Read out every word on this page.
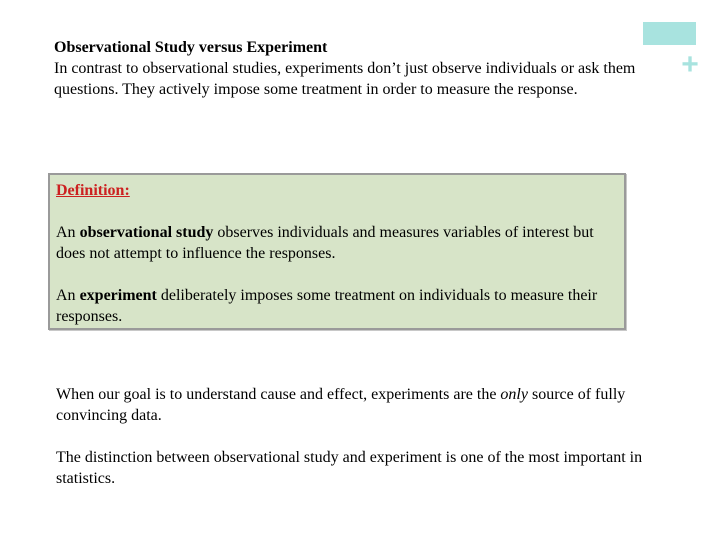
+
Observational Study versus Experiment
In contrast to observational studies, experiments don’t just observe individuals or ask them questions. They actively impose some treatment in order to measure the response.
Definition:
An observational study observes individuals and measures variables of interest but does not attempt to influence the responses.
An experiment deliberately imposes some treatment on individuals to measure their responses.
When our goal is to understand cause and effect, experiments are the only source of fully convincing data.
The distinction between observational study and experiment is one of the most important in statistics.
